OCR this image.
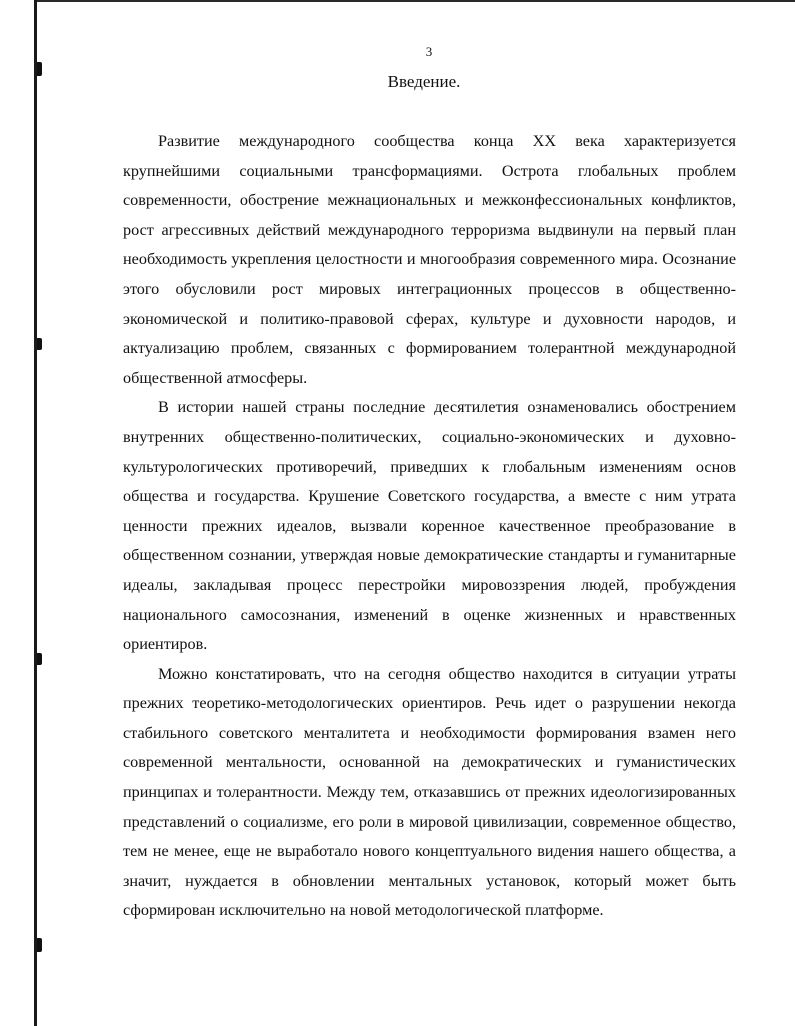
3
Введение.

Развитие международного сообщества конца XX века характеризуется крупнейшими социальными трансформациями. Острота глобальных проблем современности, обострение межнациональных и межконфессиональных конфликтов, рост агрессивных действий международного терроризма выдвинули на первый план необходимость укрепления целостности и многообразия современного мира. Осознание этого обусловили рост мировых интеграционных процессов в общественно-экономической и политико-правовой сферах, культуре и духовности народов, и актуализацию проблем, связанных с формированием толерантной международной общественной атмосферы.

В истории нашей страны последние десятилетия ознаменовались обострением внутренних общественно-политических, социально-экономических и духовно-культурологических противоречий, приведших к глобальным изменениям основ общества и государства. Крушение Советского государства, а вместе с ним утрата ценности прежних идеалов, вызвали коренное качественное преобразование в общественном сознании, утверждая новые демократические стандарты и гуманитарные идеалы, закладывая процесс перестройки мировоззрения людей, пробуждения национального самосознания, изменений в оценке жизненных и нравственных ориентиров.

Можно констатировать, что на сегодня общество находится в ситуации утраты прежних теоретико-методологических ориентиров. Речь идет о разрушении некогда стабильного советского менталитета и необходимости формирования взамен него современной ментальности, основанной на демократических и гуманистических принципах и толерантности. Между тем, отказавшись от прежних идеологизированных представлений о социализме, его роли в мировой цивилизации, современное общество, тем не менее, еще не выработало нового концептуального видения нашего общества, а значит, нуждается в обновлении ментальных установок, который может быть сформирован исключительно на новой методологической платформе.
